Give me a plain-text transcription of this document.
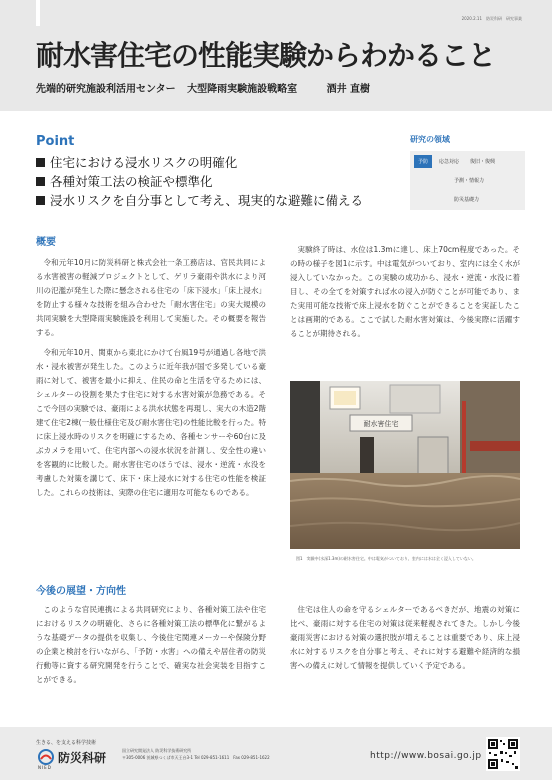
2020.2.11　防災科研　研究事業
耐水害住宅の性能実験からわかること
先端的研究施設利活用センター 大型降雨実験施設戦略室	酒井 直樹
Point
住宅における浸水リスクの明確化
各種対策工法の検証や標準化
浸水リスクを自分事として考え、現実的な避難に備える
研究の領域
予防	応急対応	復旧・復興
予測・情報力
防災基礎力
概要

令和元年10月に防災科研と株式会社一条工務店は、官民共同による水害被害の軽減プロジェクトとして、ゲリラ豪雨や洪水により河川の氾濫が発生した際に懸念される住宅の「床下浸水」「床上浸水」を防止する様々な技術を組み合わせた「耐水害住宅」の実大規模の共同実験を大型降雨実験施設を利用して実施した。その概要を報告する。

令和元年10月、関東から東北にかけて台風19号が通過し各地で洪水・浸水被害が発生した。このように近年我が国で多発している豪雨に対して、被害を最小に抑え、住民の命と生活を守るためには、シェルターの役割を果たす住宅に対する水害対策が急務である。そこで今回の実験では、豪雨による洪水状態を再現し、実大の木造2階建て住宅2棟(一般仕様住宅及び耐水害住宅)の性能比較を行った。特に床上浸水時のリスクを明確にするため、各種センサーや60台に及ぶカメラを用いて、住宅内部への浸水状況を計測し、安全性の違いを客観的に比較した。耐水害住宅のほうでは、浸水・逆流・水没を考慮した対策を講じて、床下・床上浸水に対する住宅の性能を検証した。これらの技術は、実際の住宅に適用な可能なものである。

実験終了時は、水位は1.3mに達し、床上70cm程度であった。その時の様子を図1に示す。中は電気がついており、室内には全く水が浸入していなかった。この実験の成功から、浸水・逆流・水没に着目し、その全てを対策すれば水の浸入が防ぐことが可能であり、また実用可能な技術で床上浸水を防ぐことができることを実証したことは画期的である。ここで試した耐水害対策は、今後実際に活躍することが期待される。

耐水害住宅
図1　実験中(水深1.3m)の耐水害住宅。中は電気がついており、室内には水は全く浸入していない。
今後の展望・方向性

このような官民連携による共同研究により、各種対策工法や住宅におけるリスクの明確化、さらに各種対策工法の標準化に繋がるような基礎データの提供を収集し、今後住宅関連メーカーや保険分野の企業と検討を行いながら、「予防・水害」への備えや居住者の防災行動等に資する研究開発を行うことで、確実な社会実装を目指すことができる。

住宅は住人の命を守るシェルターであるべきだが、地震の対策に比べ、豪雨に対する住宅の対策は従来軽視されてきた。しかし今後豪雨災害における対策の選択肢が増えることは重要であり、床上浸水に対するリスクを自分事と考え、それに対する避難や経済的な損害への備えに対して情報を提供していく予定である。

生きる、を支える科学技術
防災科研
NIED
国立研究開発法人 防災科学技術研究所
〒305-0006 茨城県つくば市天王台3-1 Tel 029-851-1611　Fax 029-851-1622	http://www.bosai.go.jp
